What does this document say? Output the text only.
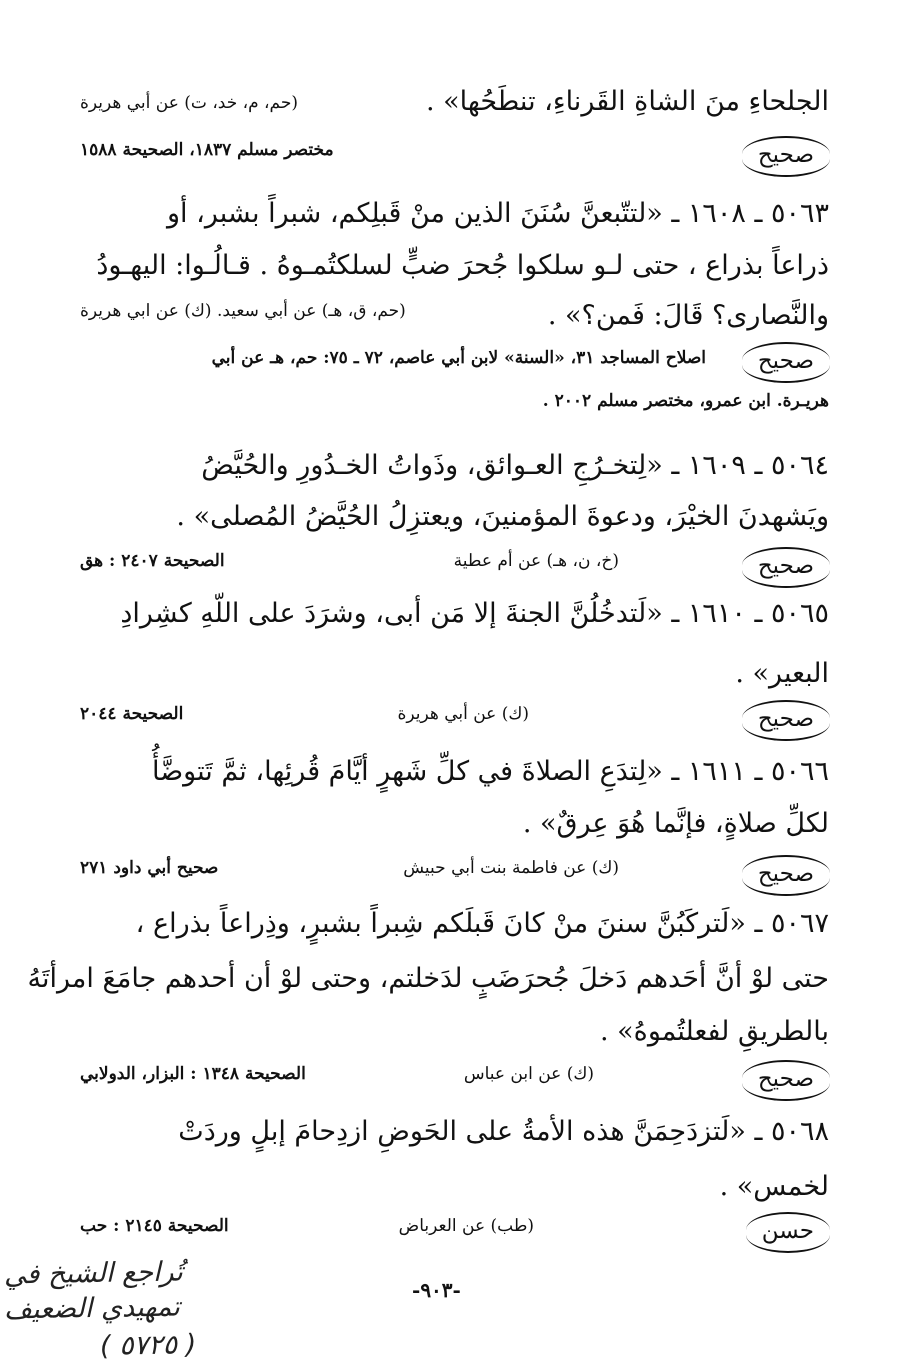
الجلحاءِ منَ الشاةِ القَرناءِ، تنطَحُها» .
(حم، م، خد، ت) عن أبي هريرة
صحيح
مختصر مسلم ١٨٣٧، الصحيحة ١٥٨٨
٥٠٦٣ ـ ١٦٠٨ ـ «لتتّبعنَّ سُنَنَ الذين منْ قَبلِكم، شبراً بشبر، أو
ذراعاً بذراع ، حتى لـو سلكوا جُحرَ ضبٍّ لسلكتُمـوهُ . قـالُـوا: اليهـودُ
والنَّصارى؟ قَالَ: فَمن؟» .
(حم، ق، هـ) عن أبي سعيد. (ك) عن ابي هريرة
صحيح
اصلاح المساجد ٣١، «السنة» لابن أبي عاصم، ٧٢ ـ ٧٥: حم، هـ عن أبي
هريـرة. ابن عمرو، مختصر مسلم ٢٠٠٢ .
٥٠٦٤ ـ ١٦٠٩ ـ «لِتخـرُجِ العـوائق، وذَواتُ الخـدُورِ والحُيَّضُ
ويَشهدنَ الخيْرَ، ودعوةَ المؤمنينَ، ويعتزِلُ الحُيَّضُ المُصلى» .
صحيح
(خ، ن، هـ) عن أم عطية
الصحيحة ٢٤٠٧ : هق
٥٠٦٥ ـ ١٦١٠ ـ «لَتدخُلُنَّ الجنةَ إلا مَن أبى، وشرَدَ على اللّهِ كشِرادِ
البعير» .
صحيح
(ك) عن أبي هريرة
الصحيحة ٢٠٤٤
٥٠٦٦ ـ ١٦١١ ـ «لِتدَعِ الصلاةَ في كلِّ شَهرٍ أيَّامَ قُرئِها، ثمَّ تَتوضَّأُ
لكلِّ صلاةٍ، فإنَّما هُوَ عِرقٌ» .
صحيح
(ك) عن فاطمة بنت أبي حبيش
صحيح أبي داود ٢٧١
٥٠٦٧ ـ «لَتركَبُنَّ سننَ منْ كانَ قَبلَكم شِبراً بشبرٍ، وذِراعاً بذراع ،
حتى لوْ أنَّ أحَدهم دَخلَ جُحرَضَبٍ لدَخلتم، وحتى لوْ أن أحدهم جامَعَ امرأتَهُ
بالطريقِ لفعلتُموهُ» .
صحيح
(ك) عن ابن عباس
الصحيحة ١٣٤٨ : البزار، الدولابي
٥٠٦٨ ـ «لَتزدَحِمَنَّ هذه الأمةُ على الحَوضِ ازدِحامَ إبلٍ وردَتْ
لخمس» .
حسن
(طب) عن العرباض
الصحيحة ٢١٤٥ : حب
-٩٠٣-
تُراجع الشيخ في
تمهيدي الضعيف
( ٥٧٢٥ )
